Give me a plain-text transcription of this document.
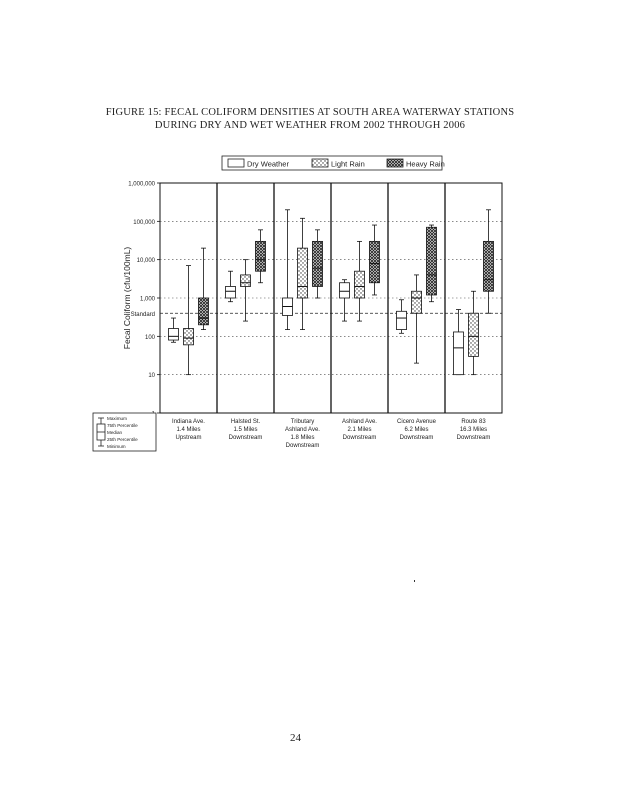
FIGURE 15: FECAL COLIFORM DENSITIES AT SOUTH AREA WATERWAY STATIONS
DURING DRY AND WET WEATHER FROM 2002 THROUGH 2006
Dry Weather	Light Rain	Heavy Rain
10
100
1,000
10,000
100,000
1,000,000
Standard
Indiana Ave.
1.4 Miles
Upstream
Halsted St.
1.5 Miles
Downstream
Tributary
Ashland Ave.
1.8 Miles
Downstream
Ashland Ave.
2.1 Miles
Downstream
Cicero Avenue
6.2 Miles
Downstream
Route 83
16.3 Miles
Downstream
Fecal Coliform (cfu/100mL)
Maximum
75th Percentile
Median
25th Percentile
Minimum
24
